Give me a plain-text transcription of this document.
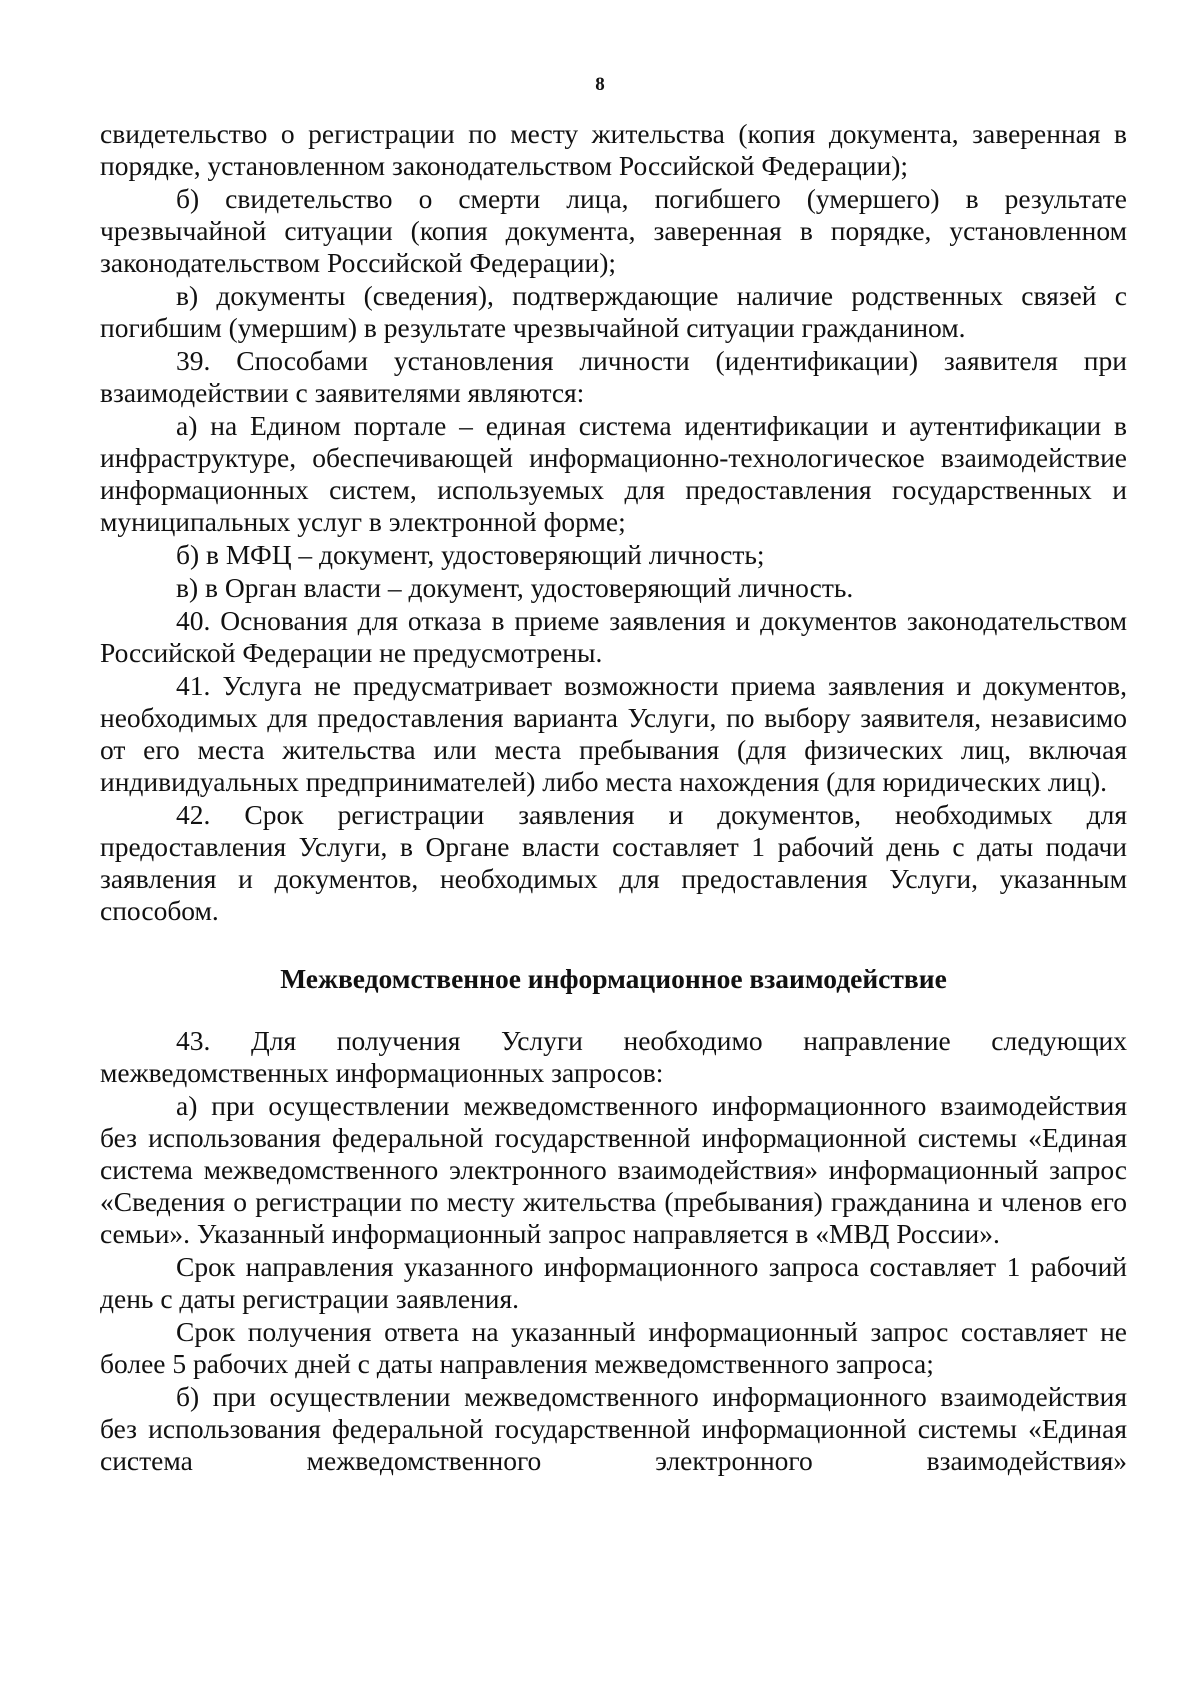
8

свидетельство о регистрации по месту жительства (копия документа, заверенная в порядке, установленном законодательством Российской Федерации);

б) свидетельство о смерти лица, погибшего (умершего) в результате чрезвычайной ситуации (копия документа, заверенная в порядке, установленном законодательством Российской Федерации);

в) документы (сведения), подтверждающие наличие родственных связей с погибшим (умершим) в результате чрезвычайной ситуации гражданином.

39. Способами установления личности (идентификации) заявителя при взаимодействии с заявителями являются:

а) на Едином портале – единая система идентификации и аутентификации в инфраструктуре, обеспечивающей информационно-технологическое взаимодействие информационных систем, используемых для предоставления государственных и муниципальных услуг в электронной форме;

б) в МФЦ – документ, удостоверяющий личность;

в) в Орган власти – документ, удостоверяющий личность.

40. Основания для отказа в приеме заявления и документов законодательством Российской Федерации не предусмотрены.

41. Услуга не предусматривает возможности приема заявления и документов, необходимых для предоставления варианта Услуги, по выбору заявителя, независимо от его места жительства или места пребывания (для физических лиц, включая индивидуальных предпринимателей) либо места нахождения (для юридических лиц).

42. Срок регистрации заявления и документов, необходимых для предоставления Услуги, в Органе власти составляет 1 рабочий день с даты подачи заявления и документов, необходимых для предоставления Услуги, указанным способом.

Межведомственное информационное взаимодействие

43. Для получения Услуги необходимо направление следующих межведомственных информационных запросов:

а) при осуществлении межведомственного информационного взаимодействия без использования федеральной государственной информационной системы «Единая система межведомственного электронного взаимодействия» информационный запрос «Сведения о регистрации по месту жительства (пребывания) гражданина и членов его семьи». Указанный информационный запрос направляется в «МВД России».

Срок направления указанного информационного запроса составляет 1 рабочий день с даты регистрации заявления.

Срок получения ответа на указанный информационный запрос составляет не более 5 рабочих дней с даты направления межведомственного запроса;

б) при осуществлении межведомственного информационного взаимодействия без использования федеральной государственной информационной системы «Единая система межведомственного электронного взаимодействия»
